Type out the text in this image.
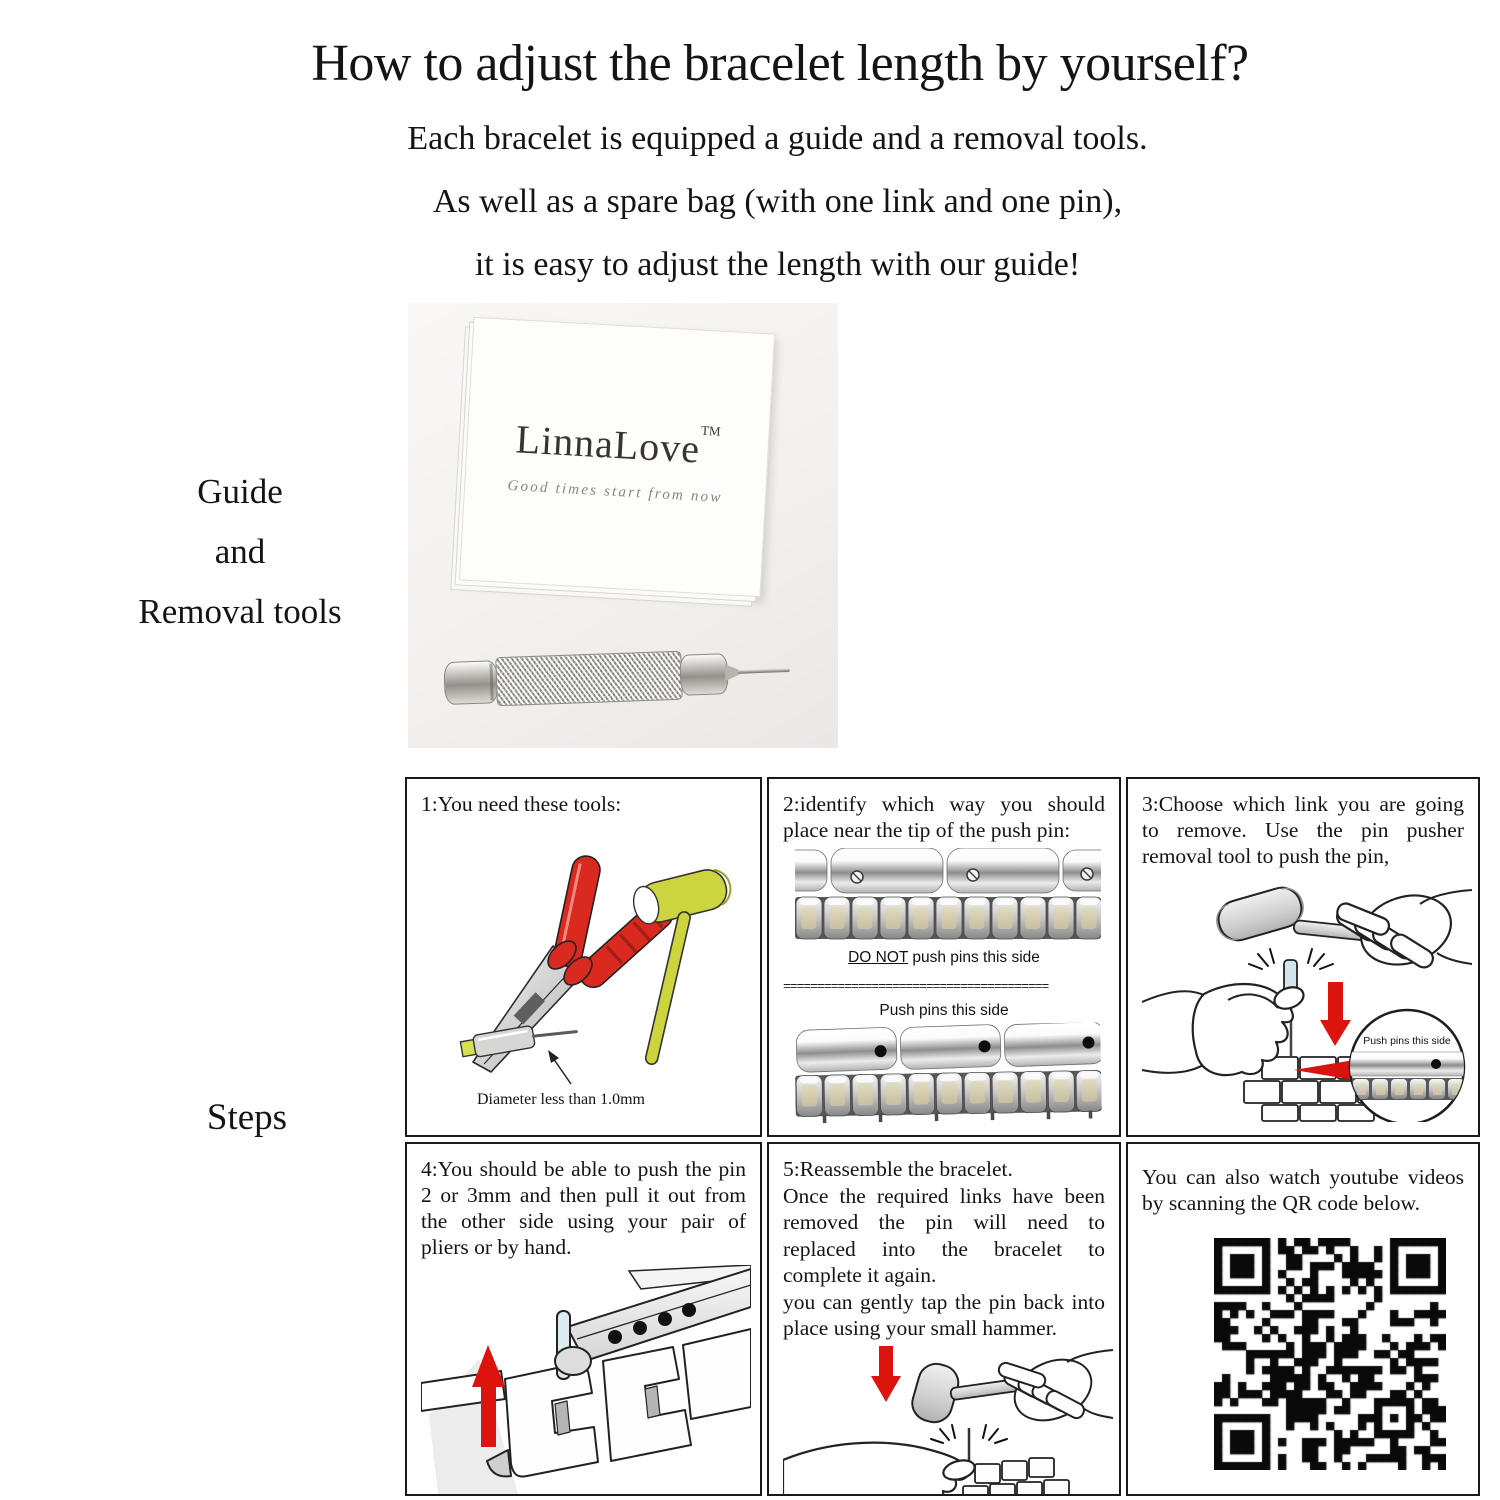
How to adjust the bracelet length by yourself?

Each bracelet is equipped a guide and a removal tools.

As well as a spare bag (with one link and one pin),

it is easy to adjust the length with our guide!

Guide
and
Removal tools
LinnaLove™
Good times start from now
Steps

1:You need these tools:

Diameter less than 1.0mm

2:identify which way you should place near the tip of the push pin:

DO NOT push pins this side
=======================================
Push pins this side

3:Choose which link you are going to remove. Use the pin pusher removal tool to push the pin,

Push pins this side

4:You should be able to push the pin 2 or 3mm and then pull it out from the other side using your pair of pliers or by hand.

5:Reassemble the bracelet.

Once the required links have been removed the pin will need to replaced into the bracelet to complete it again.

you can gently tap the pin back into place using your small hammer.

You can also watch youtube videos by scanning the QR code below.
